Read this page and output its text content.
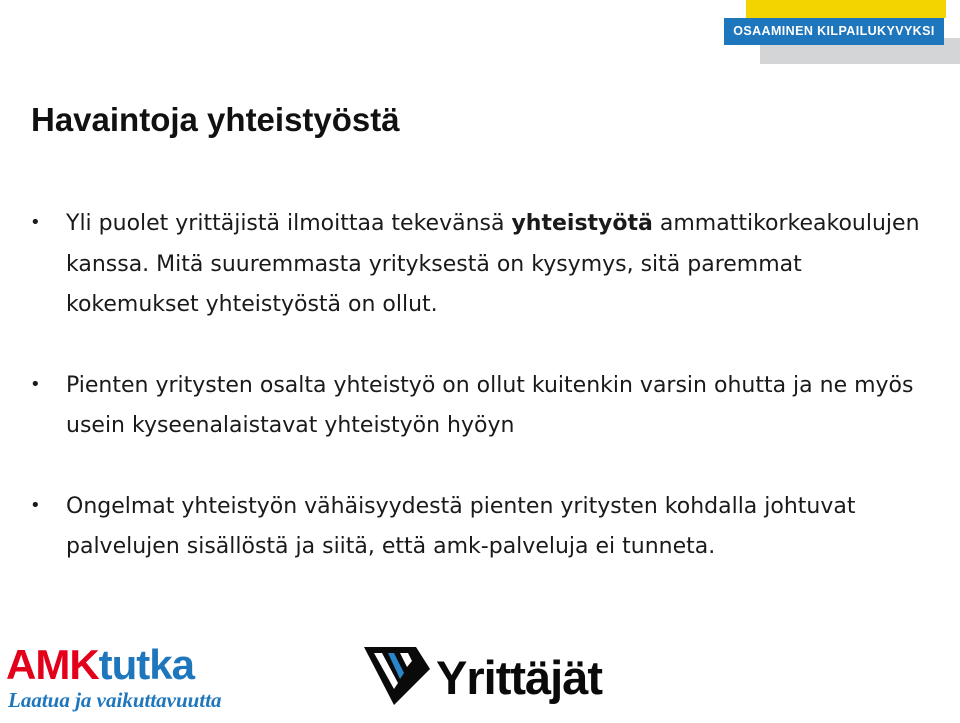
OSAAMINEN KILPAILUKYVYKSI
Havaintoja yhteistyöstä
• Yli puolet yrittäjistä ilmoittaa tekevänsä yhteistyötä ammattikorkeakoulujen kanssa. Mitä suuremmasta yrityksestä on kysymys, sitä paremmat kokemukset yhteistyöstä on ollut.
• Pienten yritysten osalta yhteistyö on ollut kuitenkin varsin ohutta ja ne myös usein kyseenalaistavat yhteistyön hyöyn
• Ongelmat yhteistyön vähäisyydestä pienten yritysten kohdalla johtuvat palvelujen sisällöstä ja siitä, että amk-palveluja ei tunneta.
AMKtutka
Laatua ja vaikuttavuutta	Yrittäjät
